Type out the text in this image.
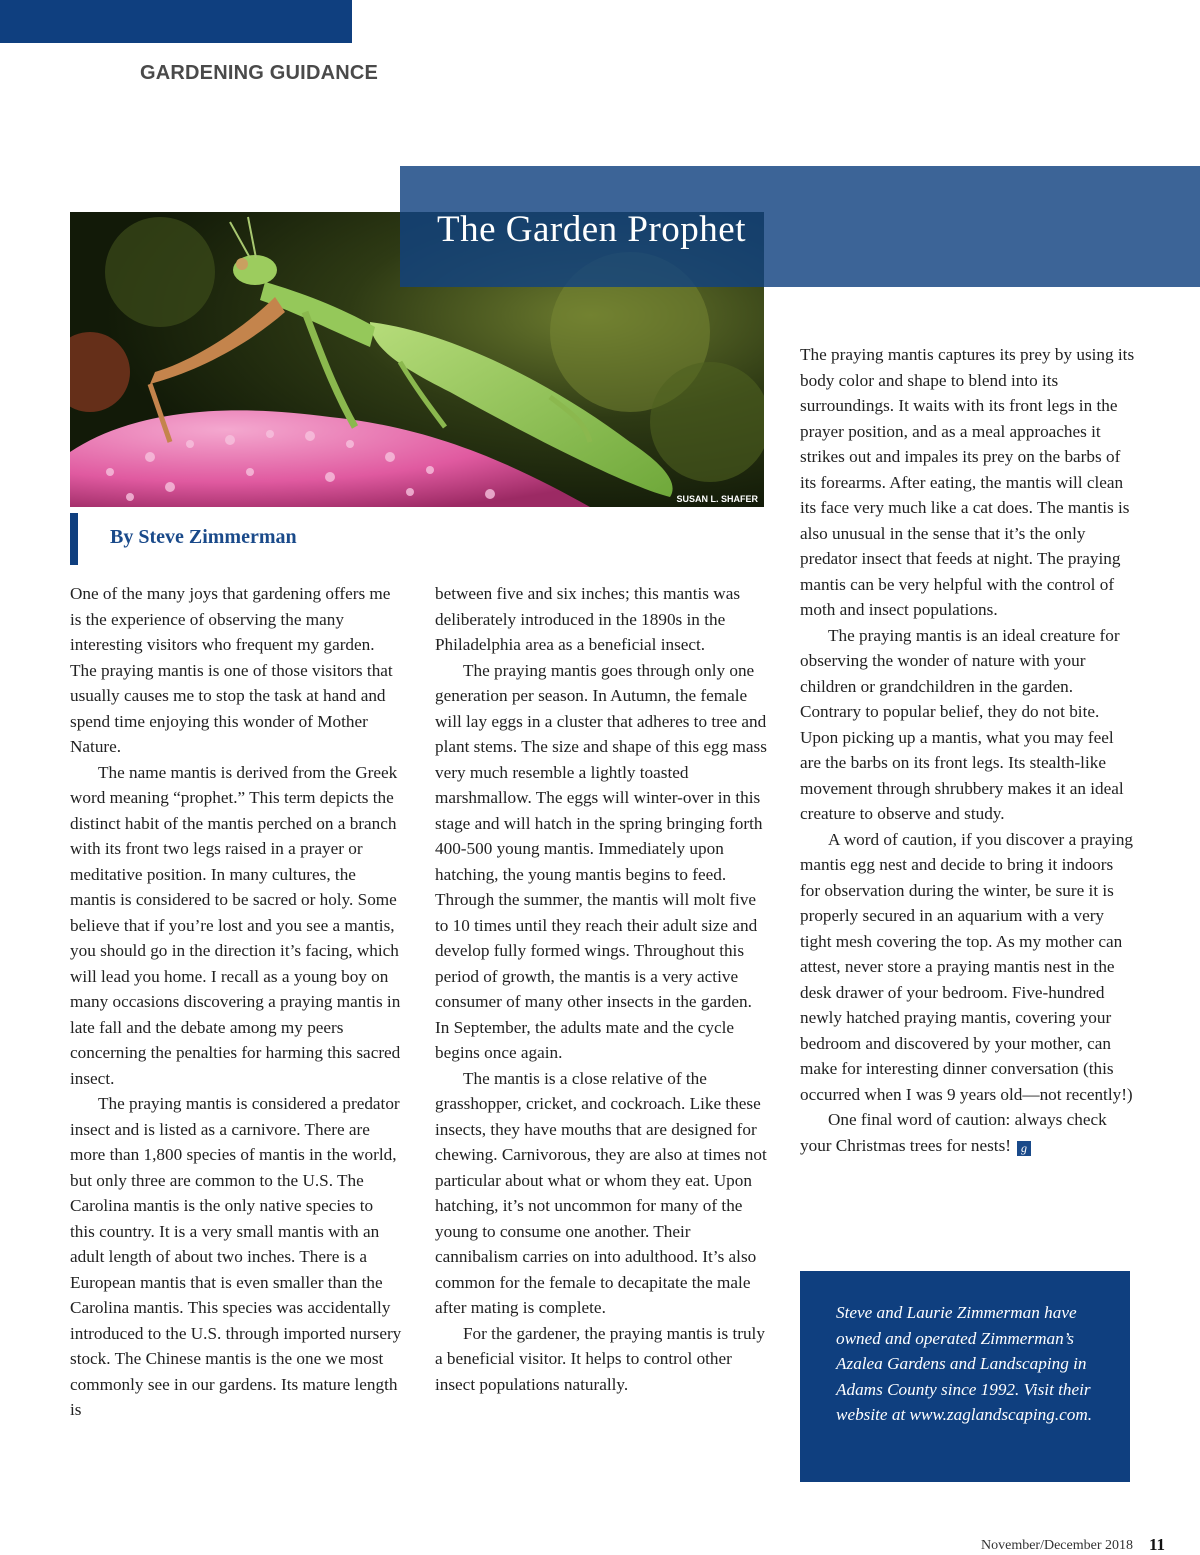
GARDENING GUIDANCE
SUSAN L. SHAFER
The Garden Prophet
By Steve Zimmerman

One of the many joys that gardening offers me is the experience of observing the many interesting visitors who frequent my garden. The praying mantis is one of those visitors that usually causes me to stop the task at hand and spend time enjoying this wonder of Mother Nature.

The name mantis is derived from the Greek word meaning “prophet.” This term depicts the distinct habit of the mantis perched on a branch with its front two legs raised in a prayer or meditative position. In many cultures, the mantis is considered to be sacred or holy. Some believe that if you’re lost and you see a mantis, you should go in the direction it’s facing, which will lead you home. I recall as a young boy on many occasions discovering a praying mantis in late fall and the debate among my peers concerning the penalties for harming this sacred insect.

The praying mantis is considered a predator insect and is listed as a carnivore. There are more than 1,800 species of mantis in the world, but only three are common to the U.S. The Carolina mantis is the only native species to this country. It is a very small mantis with an adult length of about two inches. There is a European mantis that is even smaller than the Carolina mantis. This species was accidentally introduced to the U.S. through imported nursery stock. The Chinese mantis is the one we most commonly see in our gardens. Its mature length is

between five and six inches; this mantis was deliberately introduced in the 1890s in the Philadelphia area as a beneficial insect.

The praying mantis goes through only one generation per season. In Autumn, the female will lay eggs in a cluster that adheres to tree and plant stems. The size and shape of this egg mass very much resemble a lightly toasted marshmallow. The eggs will winter-over in this stage and will hatch in the spring bringing forth 400-500 young mantis. Immediately upon hatching, the young mantis begins to feed. Through the summer, the mantis will molt five to 10 times until they reach their adult size and develop fully formed wings. Throughout this period of growth, the mantis is a very active consumer of many other insects in the garden. In September, the adults mate and the cycle begins once again.

The mantis is a close relative of the grasshopper, cricket, and cockroach. Like these insects, they have mouths that are designed for chewing. Carnivorous, they are also at times not particular about what or whom they eat. Upon hatching, it’s not uncommon for many of the young to consume one another. Their cannibalism carries on into adulthood. It’s also common for the female to decapitate the male after mating is complete.

For the gardener, the praying mantis is truly a beneficial visitor. It helps to control other insect populations naturally.

The praying mantis captures its prey by using its body color and shape to blend into its surroundings. It waits with its front legs in the prayer position, and as a meal approaches it strikes out and impales its prey on the barbs of its forearms. After eating, the mantis will clean its face very much like a cat does. The mantis is also unusual in the sense that it’s the only predator insect that feeds at night. The praying mantis can be very helpful with the control of moth and insect populations.

The praying mantis is an ideal creature for observing the wonder of nature with your children or grandchildren in the garden. Contrary to popular belief, they do not bite. Upon picking up a mantis, what you may feel are the barbs on its front legs. Its stealth-like movement through shrubbery makes it an ideal creature to observe and study.

A word of caution, if you discover a praying mantis egg nest and decide to bring it indoors for observation during the winter, be sure it is properly secured in an aquarium with a very tight mesh covering the top. As my mother can attest, never store a praying mantis nest in the desk drawer of your bedroom. Five-hundred newly hatched praying mantis, covering your bedroom and discovered by your mother, can make for interesting dinner conversation (this occurred when I was 9 years old—not recently!)

One final word of caution: always check your Christmas trees for nests! g

Steve and Laurie Zimmerman have owned and operated Zimmerman’s Azalea Gardens and Landscaping in Adams County since 1992. Visit their website at www.zaglandscaping.com.
November/December 2018 11
